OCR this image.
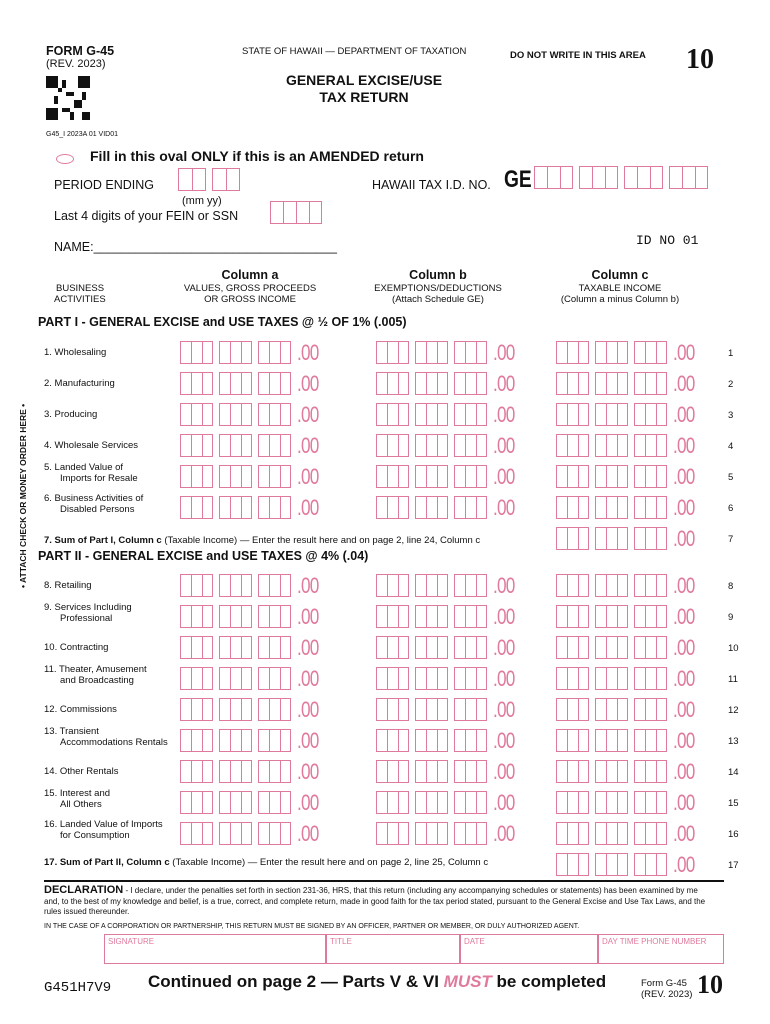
FORM G-45
(REV. 2023)
G45_I 2023A 01 VID01
STATE OF HAWAII — DEPARTMENT OF TAXATION	DO NOT WRITE IN THIS AREA 10
GENERAL EXCISE/USE
TAX RETURN
Fill in this oval ONLY if this is an AMENDED return
PERIOD ENDING
(mm yy)
Last 4 digits of your FEIN or SSN
HAWAII TAX I.D. NO. GE
ID NO 01
NAME:___________________________________
BUSINESS
ACTIVITIES
Column a
VALUES, GROSS PROCEEDS
OR GROSS INCOME
Column b
EXEMPTIONS/DEDUCTIONS
(Attach Schedule GE)
Column c
TAXABLE INCOME
(Column a minus Column b)
• ATTACH CHECK OR MONEY ORDER HERE •
PART I - GENERAL EXCISE and USE TAXES @ ½ OF 1% (.005)
PART II - GENERAL EXCISE and USE TAXES @ 4% (.04)
1. Wholesaling	.00	.00	.00	1
2. Manufacturing	.00	.00	.00	2
3. Producing	.00	.00	.00	3
4. Wholesale Services	.00	.00	.00	4
5. Landed Value of
Imports for Resale	.00	.00	.00	5
6. Business Activities of
Disabled Persons	.00	.00	.00	6
.00	7
8. Retailing	.00	.00	.00	8
9. Services Including
Professional	.00	.00	.00	9
10. Contracting	.00	.00	.00	10
11. Theater, Amusement
and Broadcasting	.00	.00	.00	11
12. Commissions	.00	.00	.00	12
13. Transient
Accommodations Rentals	.00	.00	.00	13
14. Other Rentals	.00	.00	.00	14
15. Interest and
All Others	.00	.00	.00	15
16. Landed Value of Imports
for Consumption	.00	.00	.00	16
.00	17
7. Sum of Part I, Column c (Taxable Income) — Enter the result here and on page 2, line 24, Column c
17. Sum of Part II, Column c (Taxable Income) — Enter the result here and on page 2, line 25, Column c
DECLARATION - I declare, under the penalties set forth in section 231-36, HRS, that this return (including any accompanying schedules or statements) has been examined by me and, to the best of my knowledge and belief, is a true, correct, and complete return, made in good faith for the tax period stated, pursuant to the General Excise and Use Tax Laws, and the rules issued thereunder.
IN THE CASE OF A CORPORATION OR PARTNERSHIP, THIS RETURN MUST BE SIGNED BY AN OFFICER, PARTNER OR MEMBER, OR DULY AUTHORIZED AGENT.
SIGNATURE	TITLE	DATE	DAY TIME PHONE NUMBER
G451H7V9 Continued on page 2 — Parts V & VI MUST be completed	Form G-45
(REV. 2023) 10
